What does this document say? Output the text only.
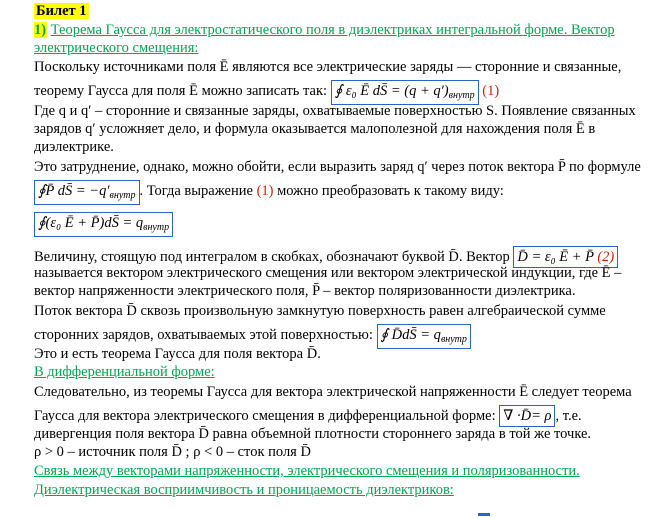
Билет 1
1) Теорема Гаусса для электростатического поля в диэлектриках интегральной форме. Вектор
электрического смещения:
Поскольку источниками поля Ē являются все электрические заряды — сторонние и связанные,
теорему Гаусса для поля Ē можно записать так: ∮ ε₀ Ē dS̄ = $(q + q')_{внутр}$ (1)
Где q и q′ – сторонние и связанные заряды, охватываемые поверхностью S. Появление связанных
зарядов q′ усложняет дело, и формула оказывается малополезной для нахождения поля Ē в
диэлектрике.
Это затруднение, однако, можно обойти, если выразить заряд q′ через поток вектора P̄ по формуле
∮P̄ dS̄ = $-q'_{внутр}$ . Тогда выражение (1) можно преобразовать к такому виду:
∮(ε₀ Ē + P̄)dS̄ = $q_{внутр}$
Величину, стоящую под интегралом в скобках, обозначают буквой D̄. Вектор D̄ = ε₀ Ē + P̄ (2)
называется вектором электрического смещения или вектором электрической индукции, где Ē –
вектор напряженности электрического поля, P̄ – вектор поляризованности диэлектрика.
Поток вектора D̄ сквозь произвольную замкнутую поверхность равен алгебраической сумме
сторонних зарядов, охватываемых этой поверхностью: ∮ D̄dS̄ = $q_{внутр}$
Это и есть теорема Гаусса для поля вектора D̄.
В дифференциальной форме:
Следовательно, из теоремы Гаусса для вектора электрической напряженности Ē следует теорема
Гаусса для вектора электрического смещения в дифференциальной форме: ∇ ·D̄= ρ , т.е.
дивергенция поля вектора D̄ равна объемной плотности стороннего заряда в той же точке.
ρ > 0 – источник поля D̄ ; ρ < 0 – сток поля D̄
Связь между векторами напряженности, электрического смещения и поляризованности.
Диэлектрическая восприимчивость и проницаемость диэлектриков:
